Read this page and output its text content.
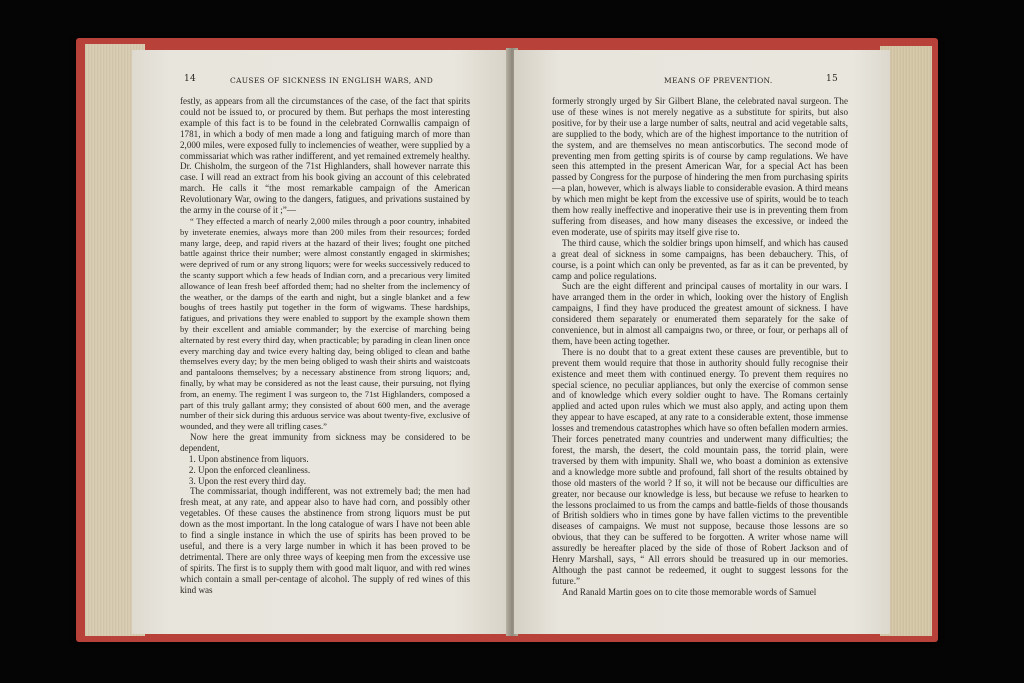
14	CAUSES OF SICKNESS IN ENGLISH WARS, AND

festly, as appears from all the circumstances of the case, of the fact that spirits could not be issued to, or procured by them. But perhaps the most interesting example of this fact is to be found in the celebrated Cornwallis campaign of 1781, in which a body of men made a long and fatiguing march of more than 2,000 miles, were exposed fully to inclemencies of weather, were supplied by a commissariat which was rather indifferent, and yet remained extremely healthy. Dr. Chisholm, the surgeon of the 71st Highlanders, shall however narrate this case. I will read an extract from his book giving an account of this celebrated march. He calls it “the most remarkable campaign of the American Revolutionary War, owing to the dangers, fatigues, and privations sustained by the army in the course of it ;”—

“ They effected a march of nearly 2,000 miles through a poor country, inhabited by inveterate enemies, always more than 200 miles from their resources; forded many large, deep, and rapid rivers at the hazard of their lives; fought one pitched battle against thrice their number; were almost constantly engaged in skirmishes; were deprived of rum or any strong liquors; were for weeks successively reduced to the scanty support which a few heads of Indian corn, and a precarious very limited allowance of lean fresh beef afforded them; had no shelter from the inclemency of the weather, or the damps of the earth and night, but a single blanket and a few boughs of trees hastily put together in the form of wigwams. These hardships, fatigues, and privations they were enabled to support by the example shown them by their excellent and amiable commander; by the exercise of marching being alternated by rest every third day, when practicable; by parading in clean linen once every marching day and twice every halting day, being obliged to clean and bathe themselves every day; by the men being obliged to wash their shirts and waistcoats and pantaloons themselves; by a necessary abstinence from strong liquors; and, finally, by what may be considered as not the least cause, their pursuing, not flying from, an enemy. The regiment I was surgeon to, the 71st Highlanders, composed a part of this truly gallant army; they consisted of about 600 men, and the average number of their sick during this arduous service was about twenty-five, exclusive of wounded, and they were all trifling cases.”

Now here the great immunity from sickness may be considered to be dependent,

1. Upon abstinence from liquors.
2. Upon the enforced cleanliness.
3. Upon the rest every third day.

The commissariat, though indifferent, was not extremely bad; the men had fresh meat, at any rate, and appear also to have had corn, and possibly other vegetables. Of these causes the abstinence from strong liquors must be put down as the most important. In the long catalogue of wars I have not been able to find a single instance in which the use of spirits has been proved to be useful, and there is a very large number in which it has been proved to be detrimental. There are only three ways of keeping men from the excessive use of spirits. The first is to supply them with good malt liquor, and with red wines which contain a small per-centage of alcohol. The supply of red wines of this kind was

MEANS OF PREVENTION.	15

formerly strongly urged by Sir Gilbert Blane, the celebrated naval surgeon. The use of these wines is not merely negative as a substitute for spirits, but also positive, for by their use a large number of salts, neutral and acid vegetable salts, are supplied to the body, which are of the highest importance to the nutrition of the system, and are themselves no mean antiscorbutics. The second mode of preventing men from getting spirits is of course by camp regulations. We have seen this attempted in the present American War, for a special Act has been passed by Congress for the purpose of hindering the men from purchasing spirits—a plan, however, which is always liable to considerable evasion. A third means by which men might be kept from the excessive use of spirits, would be to teach them how really ineffective and inoperative their use is in preventing them from suffering from diseases, and how many diseases the excessive, or indeed the even moderate, use of spirits may itself give rise to.

The third cause, which the soldier brings upon himself, and which has caused a great deal of sickness in some campaigns, has been debauchery. This, of course, is a point which can only be prevented, as far as it can be prevented, by camp and police regulations.

Such are the eight different and principal causes of mortality in our wars. I have arranged them in the order in which, looking over the history of English campaigns, I find they have produced the greatest amount of sickness. I have considered them separately or enumerated them separately for the sake of convenience, but in almost all campaigns two, or three, or four, or perhaps all of them, have been acting together.

There is no doubt that to a great extent these causes are preventible, but to prevent them would require that those in authority should fully recognise their existence and meet them with continued energy. To prevent them requires no special science, no peculiar appliances, but only the exercise of common sense and of knowledge which every soldier ought to have. The Romans certainly applied and acted upon rules which we must also apply, and acting upon them they appear to have escaped, at any rate to a considerable extent, those immense losses and tremendous catastrophes which have so often befallen modern armies. Their forces penetrated many countries and underwent many difficulties; the forest, the marsh, the desert, the cold mountain pass, the torrid plain, were traversed by them with impunity. Shall we, who boast a dominion as extensive and a knowledge more subtle and profound, fall short of the results obtained by those old masters of the world ? If so, it will not be because our difficulties are greater, nor because our knowledge is less, but because we refuse to hearken to the lessons proclaimed to us from the camps and battle-fields of those thousands of British soldiers who in times gone by have fallen victims to the preventible diseases of campaigns. We must not suppose, because those lessons are so obvious, that they can be suffered to be forgotten. A writer whose name will assuredly be hereafter placed by the side of those of Robert Jackson and of Henry Marshall, says, “ All errors should be treasured up in our memories. Although the past cannot be redeemed, it ought to suggest lessons for the future.”

And Ranald Martin goes on to cite those memorable words of Samuel
